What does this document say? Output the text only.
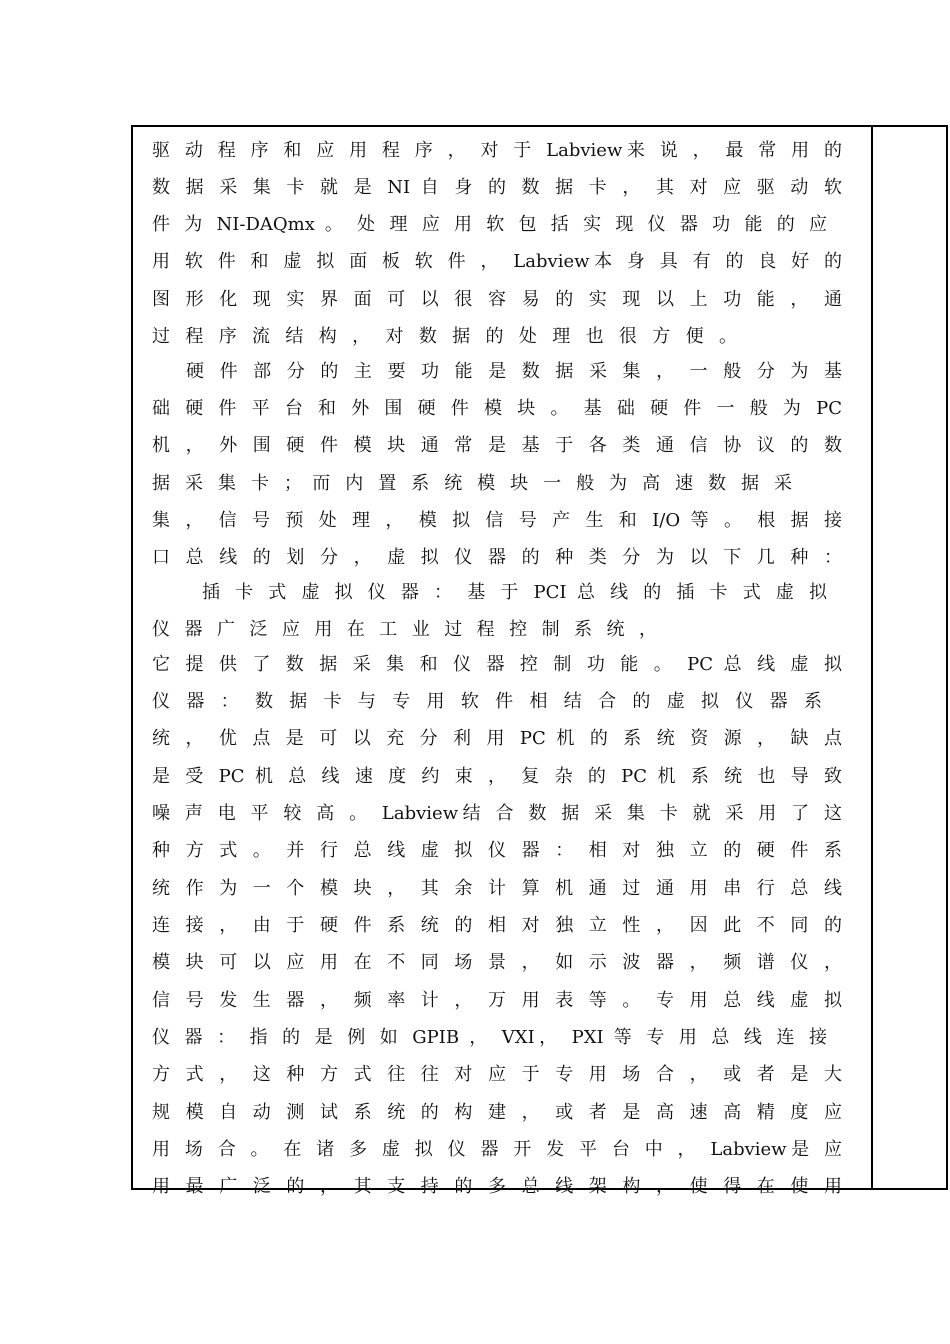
驱 动 程 序 和 应 用 程 序 ， 对 于 Labview来 说 ， 最 常 用 的
数 据 采 集 卡 就 是 NI 自 身 的 数 据 卡 ， 其 对 应 驱 动 软
件 为 NI-DAQmx 。 处 理 应 用 软 包 括 实 现 仪 器 功 能 的 应
用 软 件 和 虚 拟 面 板 软 件 ， Labview本 身 具 有 的 良 好 的
图 形 化 现 实 界 面 可 以 很 容 易 的 实 现 以 上 功 能 ， 通
过 程 序 流 结 构 ， 对 数 据 的 处 理 也 很 方 便 。
硬 件 部 分 的 主 要 功 能 是 数 据 采 集 ， 一 般 分 为 基
础 硬 件 平 台 和 外 围 硬 件 模 块 。 基 础 硬 件 一 般 为 PC
机 ， 外 围 硬 件 模 块 通 常 是 基 于 各 类 通 信 协 议 的 数
据 采 集 卡 ； 而 内 置 系 统 模 块 一 般 为 高 速 数 据 采
集 ， 信 号 预 处 理 ， 模 拟 信 号 产 生 和 I/O 等 。 根 据 接
口 总 线 的 划 分 ， 虚 拟 仪 器 的 种 类 分 为 以 下 几 种 ：
插 卡 式 虚 拟 仪 器 ： 基 于 PCI 总 线 的 插 卡 式 虚 拟
仪 器 广 泛 应 用 在 工 业 过 程 控 制 系 统 ，
它 提 供 了 数 据 采 集 和 仪 器 控 制 功 能 。 PC 总 线 虚 拟
仪 器 ： 数 据 卡 与 专 用 软 件 相 结 合 的 虚 拟 仪 器 系
统 ， 优 点 是 可 以 充 分 利 用 PC 机 的 系 统 资 源 ， 缺 点
是 受 PC 机 总 线 速 度 约 束 ， 复 杂 的 PC 机 系 统 也 导 致
噪 声 电 平 较 高 。 Labview结 合 数 据 采 集 卡 就 采 用 了 这
种 方 式 。 并 行 总 线 虚 拟 仪 器 ： 相 对 独 立 的 硬 件 系
统 作 为 一 个 模 块 ， 其 余 计 算 机 通 过 通 用 串 行 总 线
连 接 ， 由 于 硬 件 系 统 的 相 对 独 立 性 ， 因 此 不 同 的
模 块 可 以 应 用 在 不 同 场 景 ， 如 示 波 器 ， 频 谱 仪 ，
信 号 发 生 器 ， 频 率 计 ， 万 用 表 等 。 专 用 总 线 虚 拟
仪 器 ： 指 的 是 例 如 GPIB ， VXI， PXI 等 专 用 总 线 连 接
方 式 ， 这 种 方 式 往 往 对 应 于 专 用 场 合 ， 或 者 是 大
规 模 自 动 测 试 系 统 的 构 建 ， 或 者 是 高 速 高 精 度 应
用 场 合 。 在 诸 多 虚 拟 仪 器 开 发 平 台 中 ， Labview是 应
用 最 广 泛 的 ， 其 支 持 的 多 总 线 架 构 ， 使 得 在 使 用
